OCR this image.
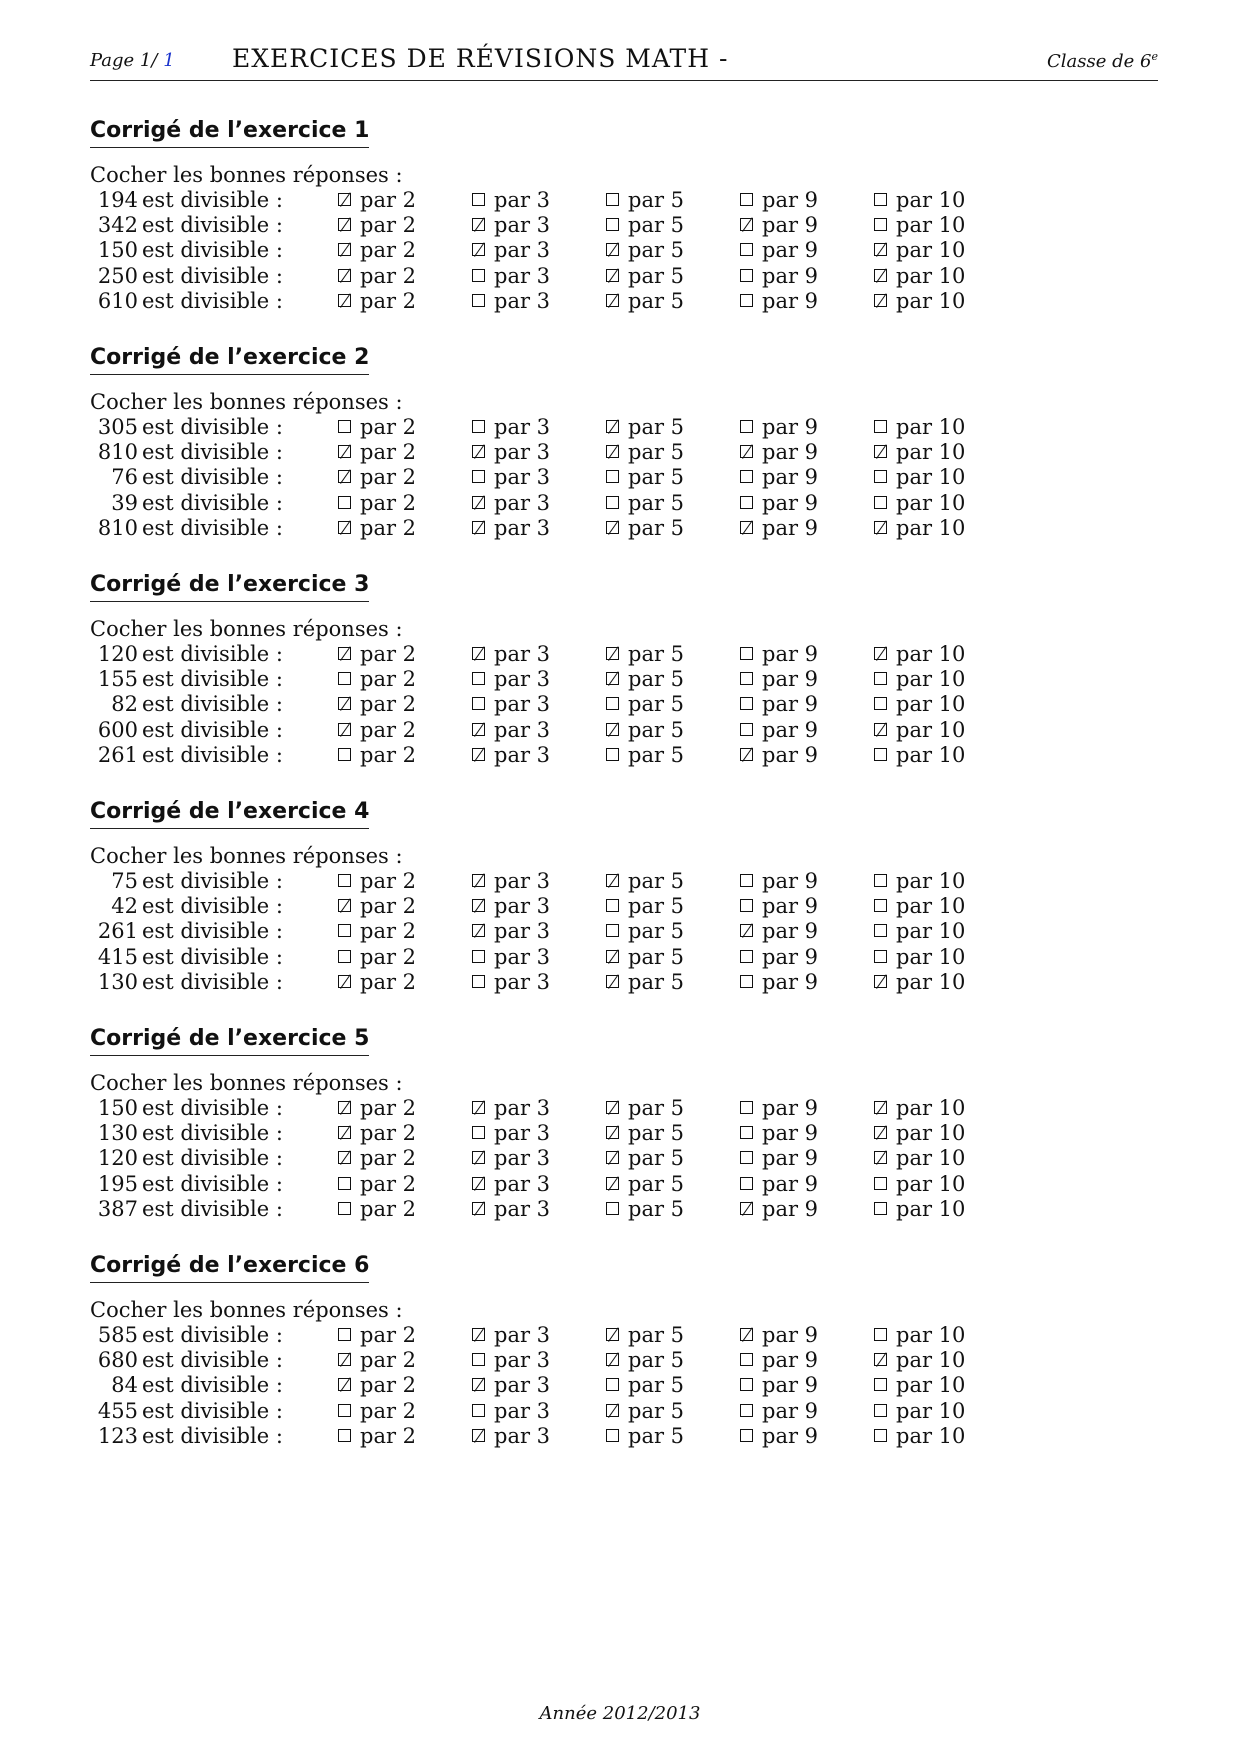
Page 1/ 1 EXERCICES DE RÉVISIONS MATH -	Classe de 6e
Corrigé de l’exercice 1
Cocher les bonnes réponses :
194 est divisible :	par 2	par 3	par 5	par 9	par 10
342 est divisible :	par 2	par 3	par 5	par 9	par 10
150 est divisible :	par 2	par 3	par 5	par 9	par 10
250 est divisible :	par 2	par 3	par 5	par 9	par 10
610 est divisible :	par 2	par 3	par 5	par 9	par 10
Corrigé de l’exercice 2
Cocher les bonnes réponses :
305 est divisible :	par 2	par 3	par 5	par 9	par 10
810 est divisible :	par 2	par 3	par 5	par 9	par 10
76 est divisible :	par 2	par 3	par 5	par 9	par 10
39 est divisible :	par 2	par 3	par 5	par 9	par 10
810 est divisible :	par 2	par 3	par 5	par 9	par 10
Corrigé de l’exercice 3
Cocher les bonnes réponses :
120 est divisible :	par 2	par 3	par 5	par 9	par 10
155 est divisible :	par 2	par 3	par 5	par 9	par 10
82 est divisible :	par 2	par 3	par 5	par 9	par 10
600 est divisible :	par 2	par 3	par 5	par 9	par 10
261 est divisible :	par 2	par 3	par 5	par 9	par 10
Corrigé de l’exercice 4
Cocher les bonnes réponses :
75 est divisible :	par 2	par 3	par 5	par 9	par 10
42 est divisible :	par 2	par 3	par 5	par 9	par 10
261 est divisible :	par 2	par 3	par 5	par 9	par 10
415 est divisible :	par 2	par 3	par 5	par 9	par 10
130 est divisible :	par 2	par 3	par 5	par 9	par 10
Corrigé de l’exercice 5
Cocher les bonnes réponses :
150 est divisible :	par 2	par 3	par 5	par 9	par 10
130 est divisible :	par 2	par 3	par 5	par 9	par 10
120 est divisible :	par 2	par 3	par 5	par 9	par 10
195 est divisible :	par 2	par 3	par 5	par 9	par 10
387 est divisible :	par 2	par 3	par 5	par 9	par 10
Corrigé de l’exercice 6
Cocher les bonnes réponses :
585 est divisible :	par 2	par 3	par 5	par 9	par 10
680 est divisible :	par 2	par 3	par 5	par 9	par 10
84 est divisible :	par 2	par 3	par 5	par 9	par 10
455 est divisible :	par 2	par 3	par 5	par 9	par 10
123 est divisible :	par 2	par 3	par 5	par 9	par 10
Année 2012/2013
